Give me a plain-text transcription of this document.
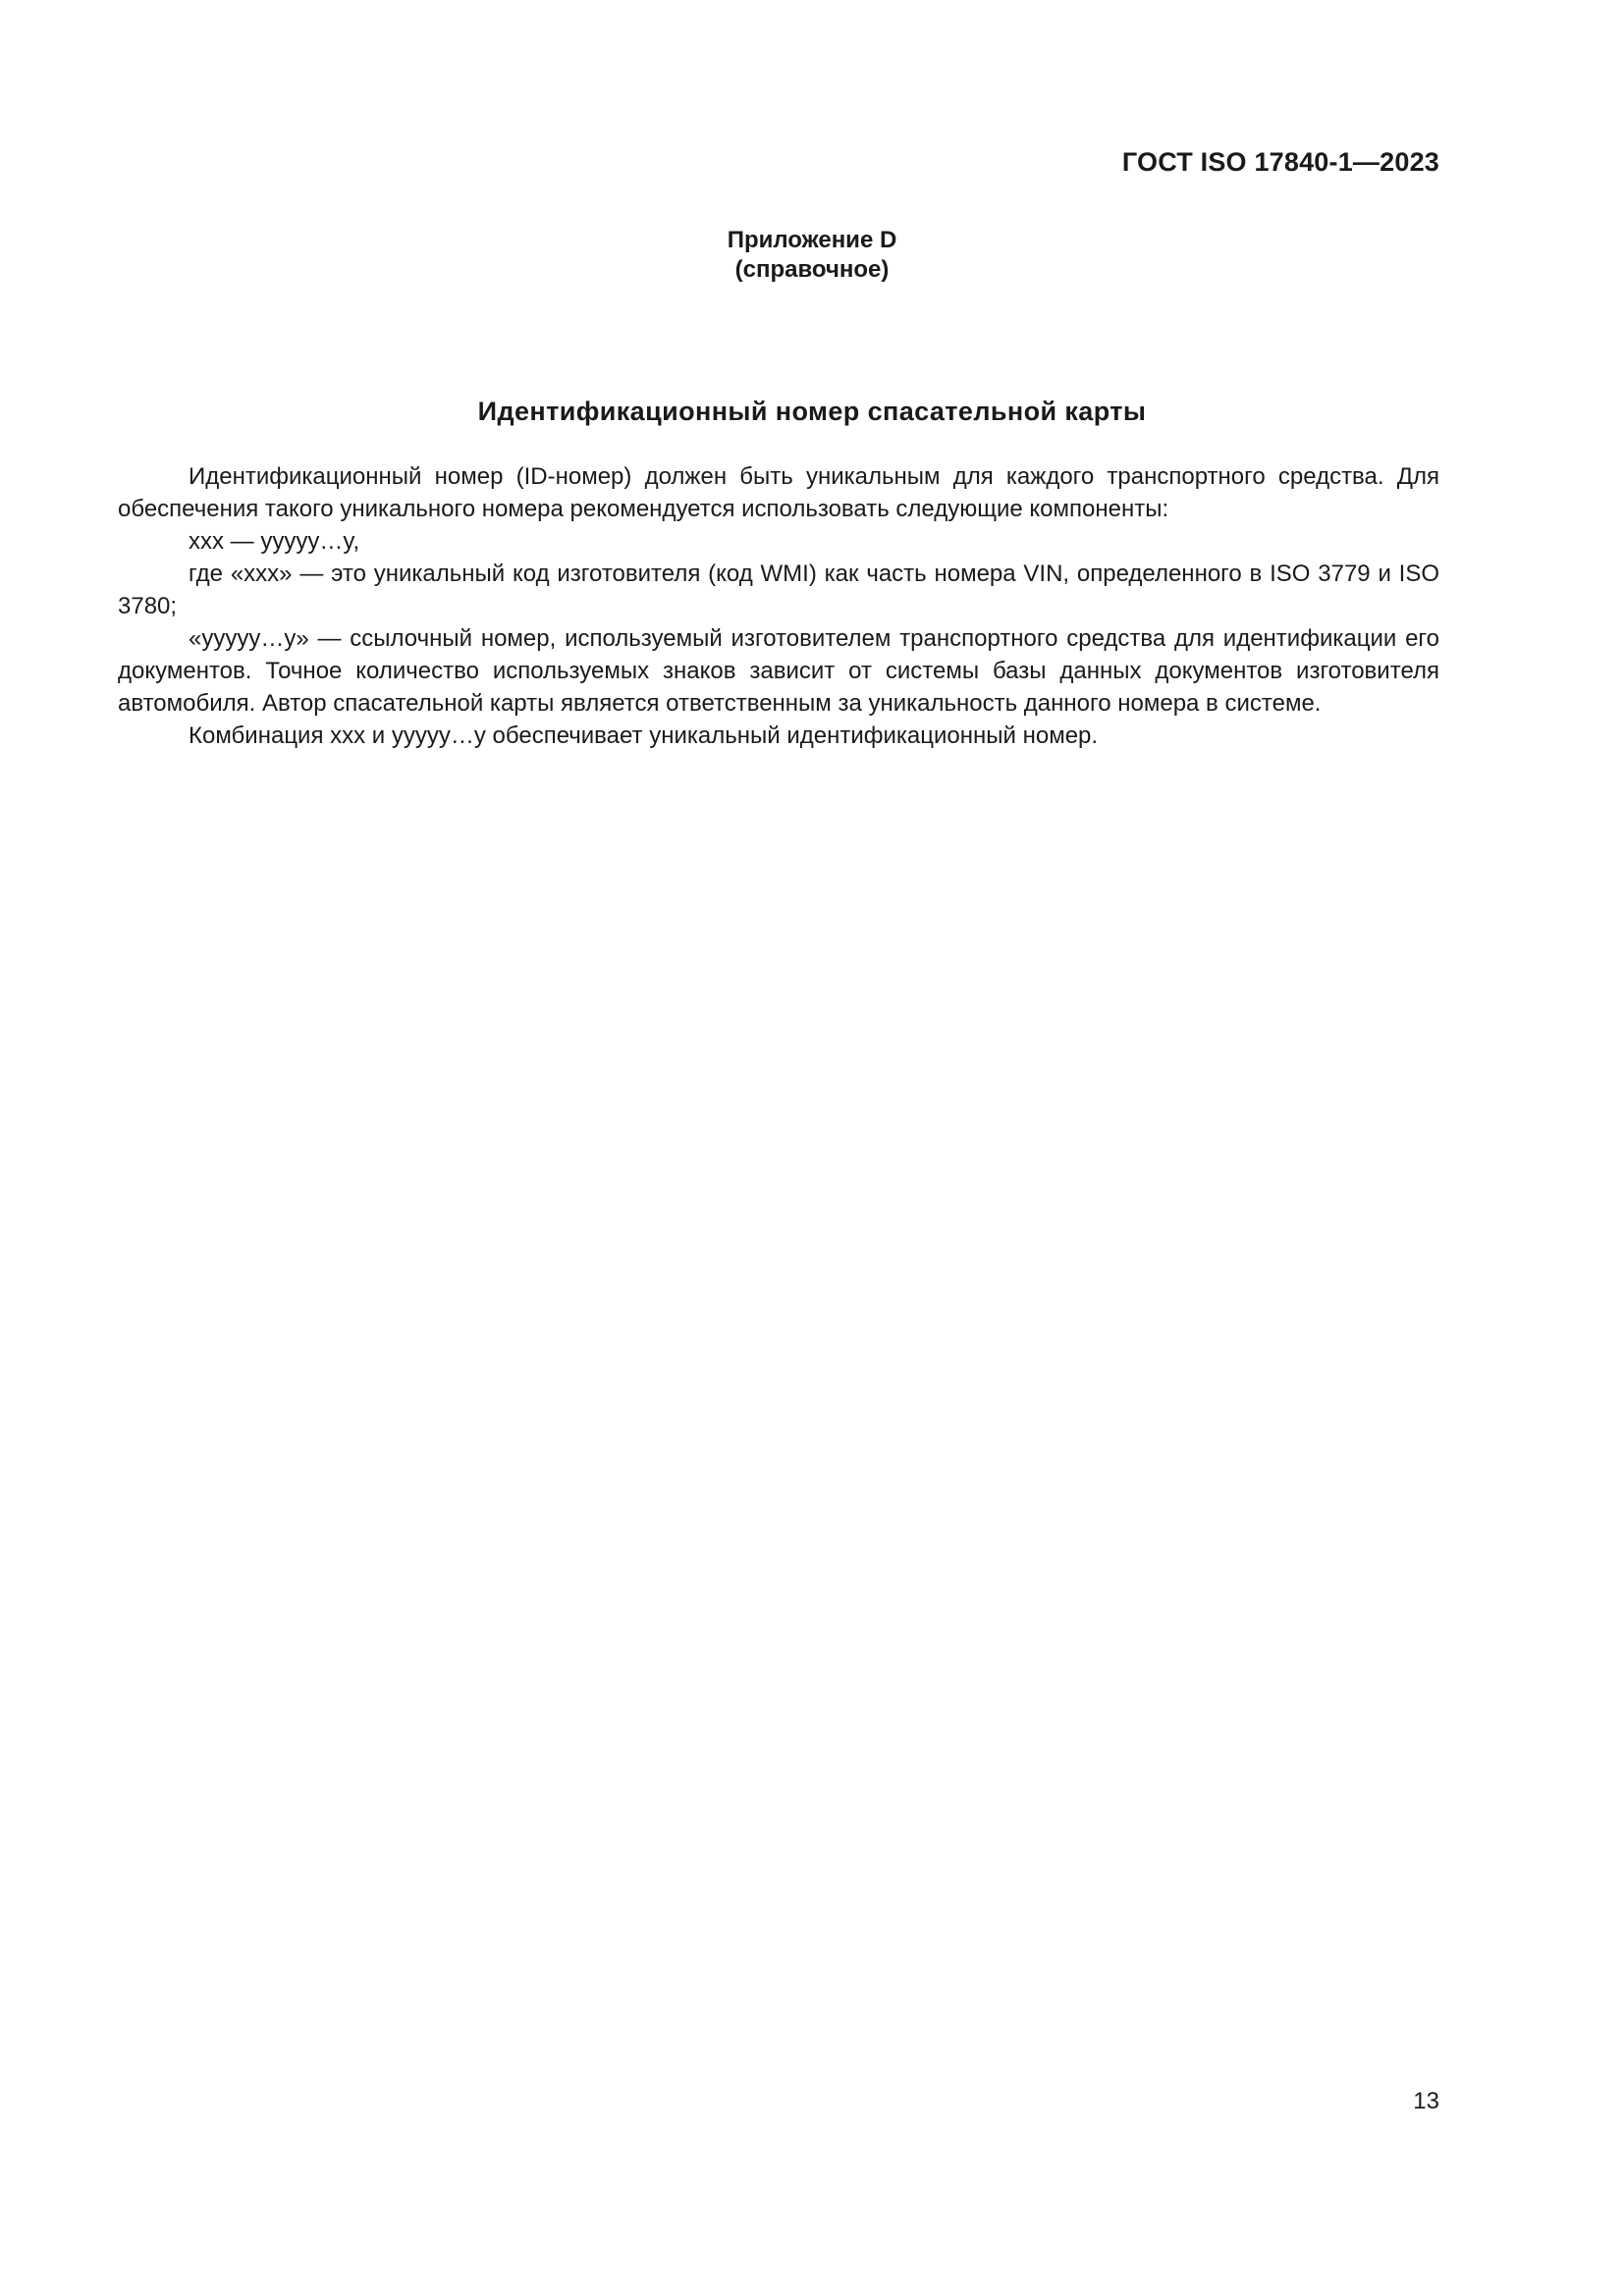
ГОСТ ISO 17840-1—2023
Приложение D
(справочное)
Идентификационный номер спасательной карты

Идентификационный номер (ID-номер) должен быть уникальным для каждого транспортного средства. Для обеспечения такого уникального номера рекомендуется использовать следующие компоненты:

xxx — yyyyy…y,

где «xxx» — это уникальный код изготовителя (код WMI) как часть номера VIN, определенного в ISO 3779 и ISO 3780;

«yyyyy…y» — ссылочный номер, используемый изготовителем транспортного средства для идентификации его документов. Точное количество используемых знаков зависит от системы базы данных документов изготовителя автомобиля. Автор спасательной карты является ответственным за уникальность данного номера в системе.

Комбинация xxx и yyyyy…y обеспечивает уникальный идентификационный номер.

13
